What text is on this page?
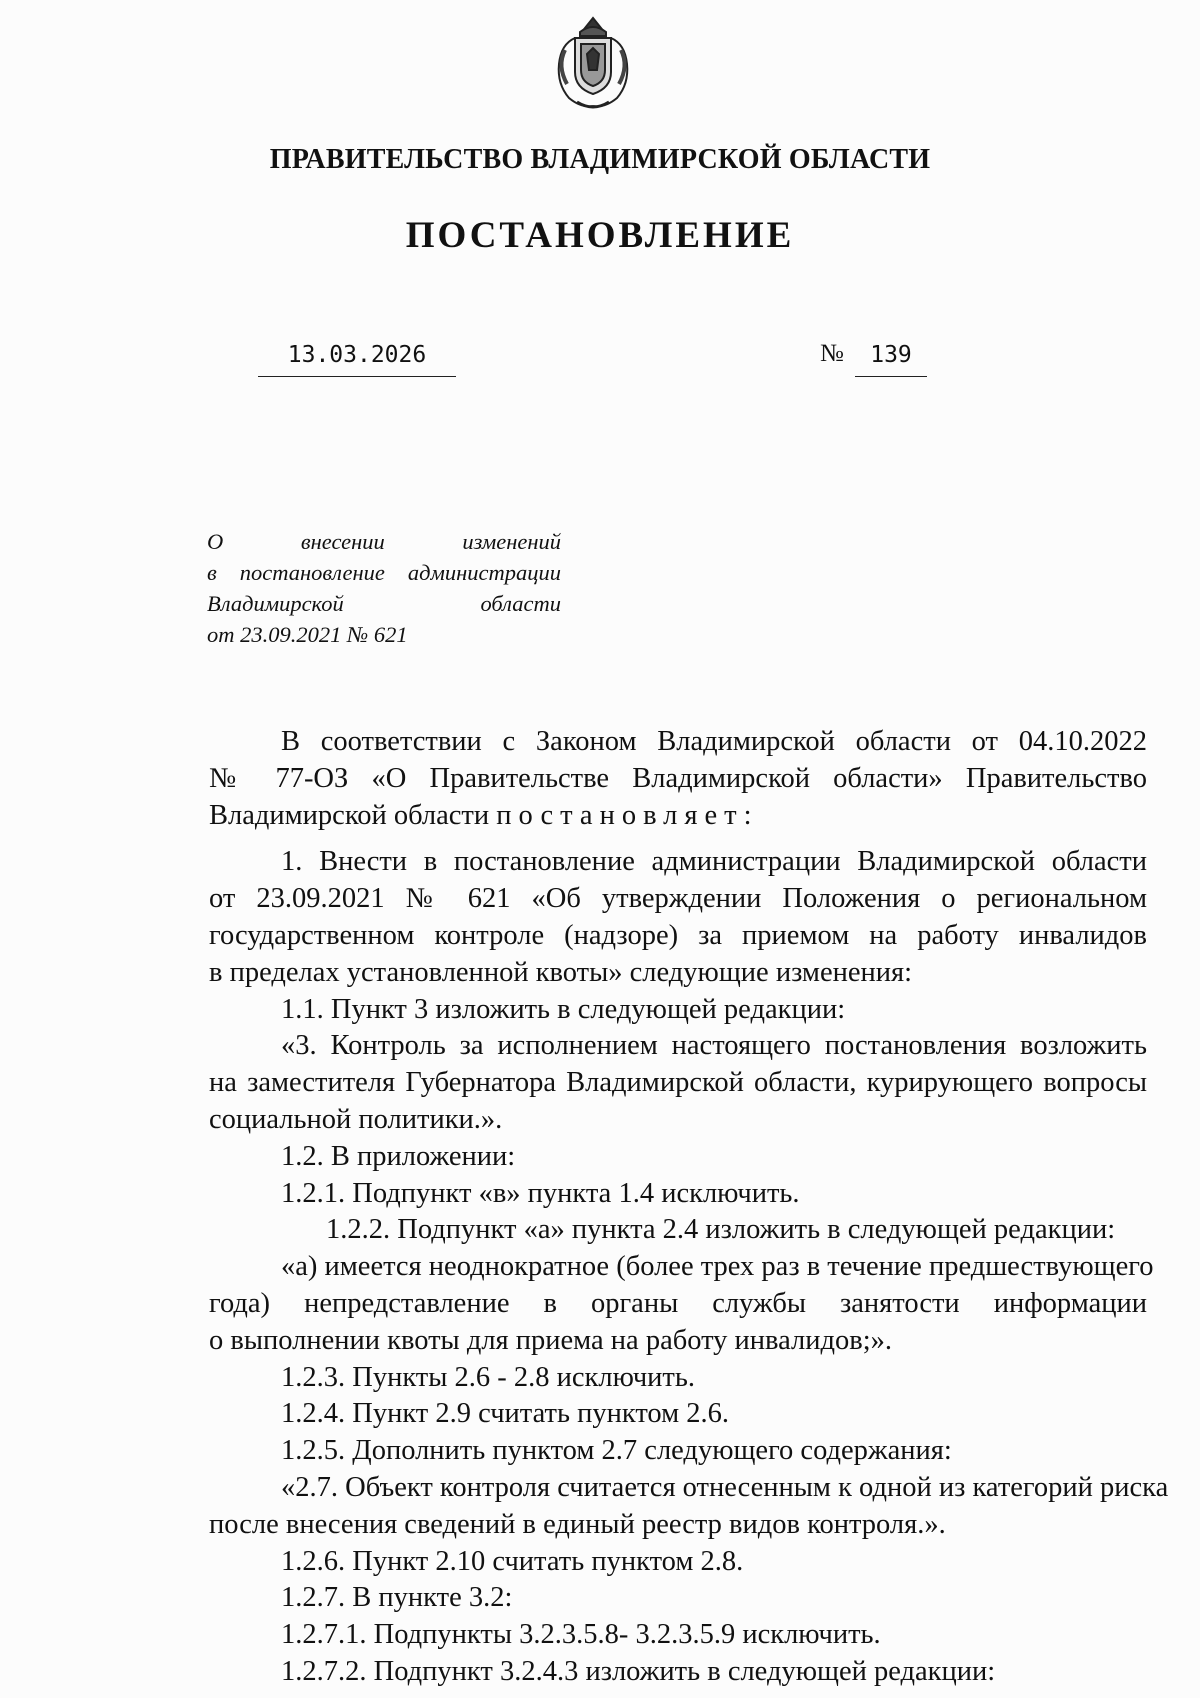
ПРАВИТЕЛЬСТВО ВЛАДИМИРСКОЙ ОБЛАСТИ
ПОСТАНОВЛЕНИЕ
13.03.2026	№	139
О	внесении	изменений
в постановление администрации
Владимирской	области
от 23.09.2021 № 621

В соответствии с Законом Владимирской области от 04.10.2022
№ 77-ОЗ «О Правительстве Владимирской области» Правительство
Владимирской области постановляет:

1. Внести в постановление администрации Владимирской области
от 23.09.2021 № 621 «Об утверждении Положения о региональном
государственном контроле (надзоре) за приемом на работу инвалидов
в пределах установленной квоты» следующие изменения:

1.1. Пункт 3 изложить в следующей редакции:

«3. Контроль за исполнением настоящего постановления возложить
на заместителя Губернатора Владимирской области, курирующего вопросы
социальной политики.».

1.2. В приложении:

1.2.1. Подпункт «в» пункта 1.4 исключить.

1.2.2. Подпункт «а» пункта 2.4 изложить в следующей редакции:

«а) имеется неоднократное (более трех раз в течение предшествующего
года) непредставление в органы службы занятости информации
о выполнении квоты для приема на работу инвалидов;».

1.2.3. Пункты 2.6 - 2.8 исключить.

1.2.4. Пункт 2.9 считать пунктом 2.6.

1.2.5. Дополнить пунктом 2.7 следующего содержания:

«2.7. Объект контроля считается отнесенным к одной из категорий риска
после внесения сведений в единый реестр видов контроля.».

1.2.6. Пункт 2.10 считать пунктом 2.8.

1.2.7. В пункте 3.2:

1.2.7.1. Подпункты 3.2.3.5.8- 3.2.3.5.9 исключить.

1.2.7.2. Подпункт 3.2.4.3 изложить в следующей редакции:
